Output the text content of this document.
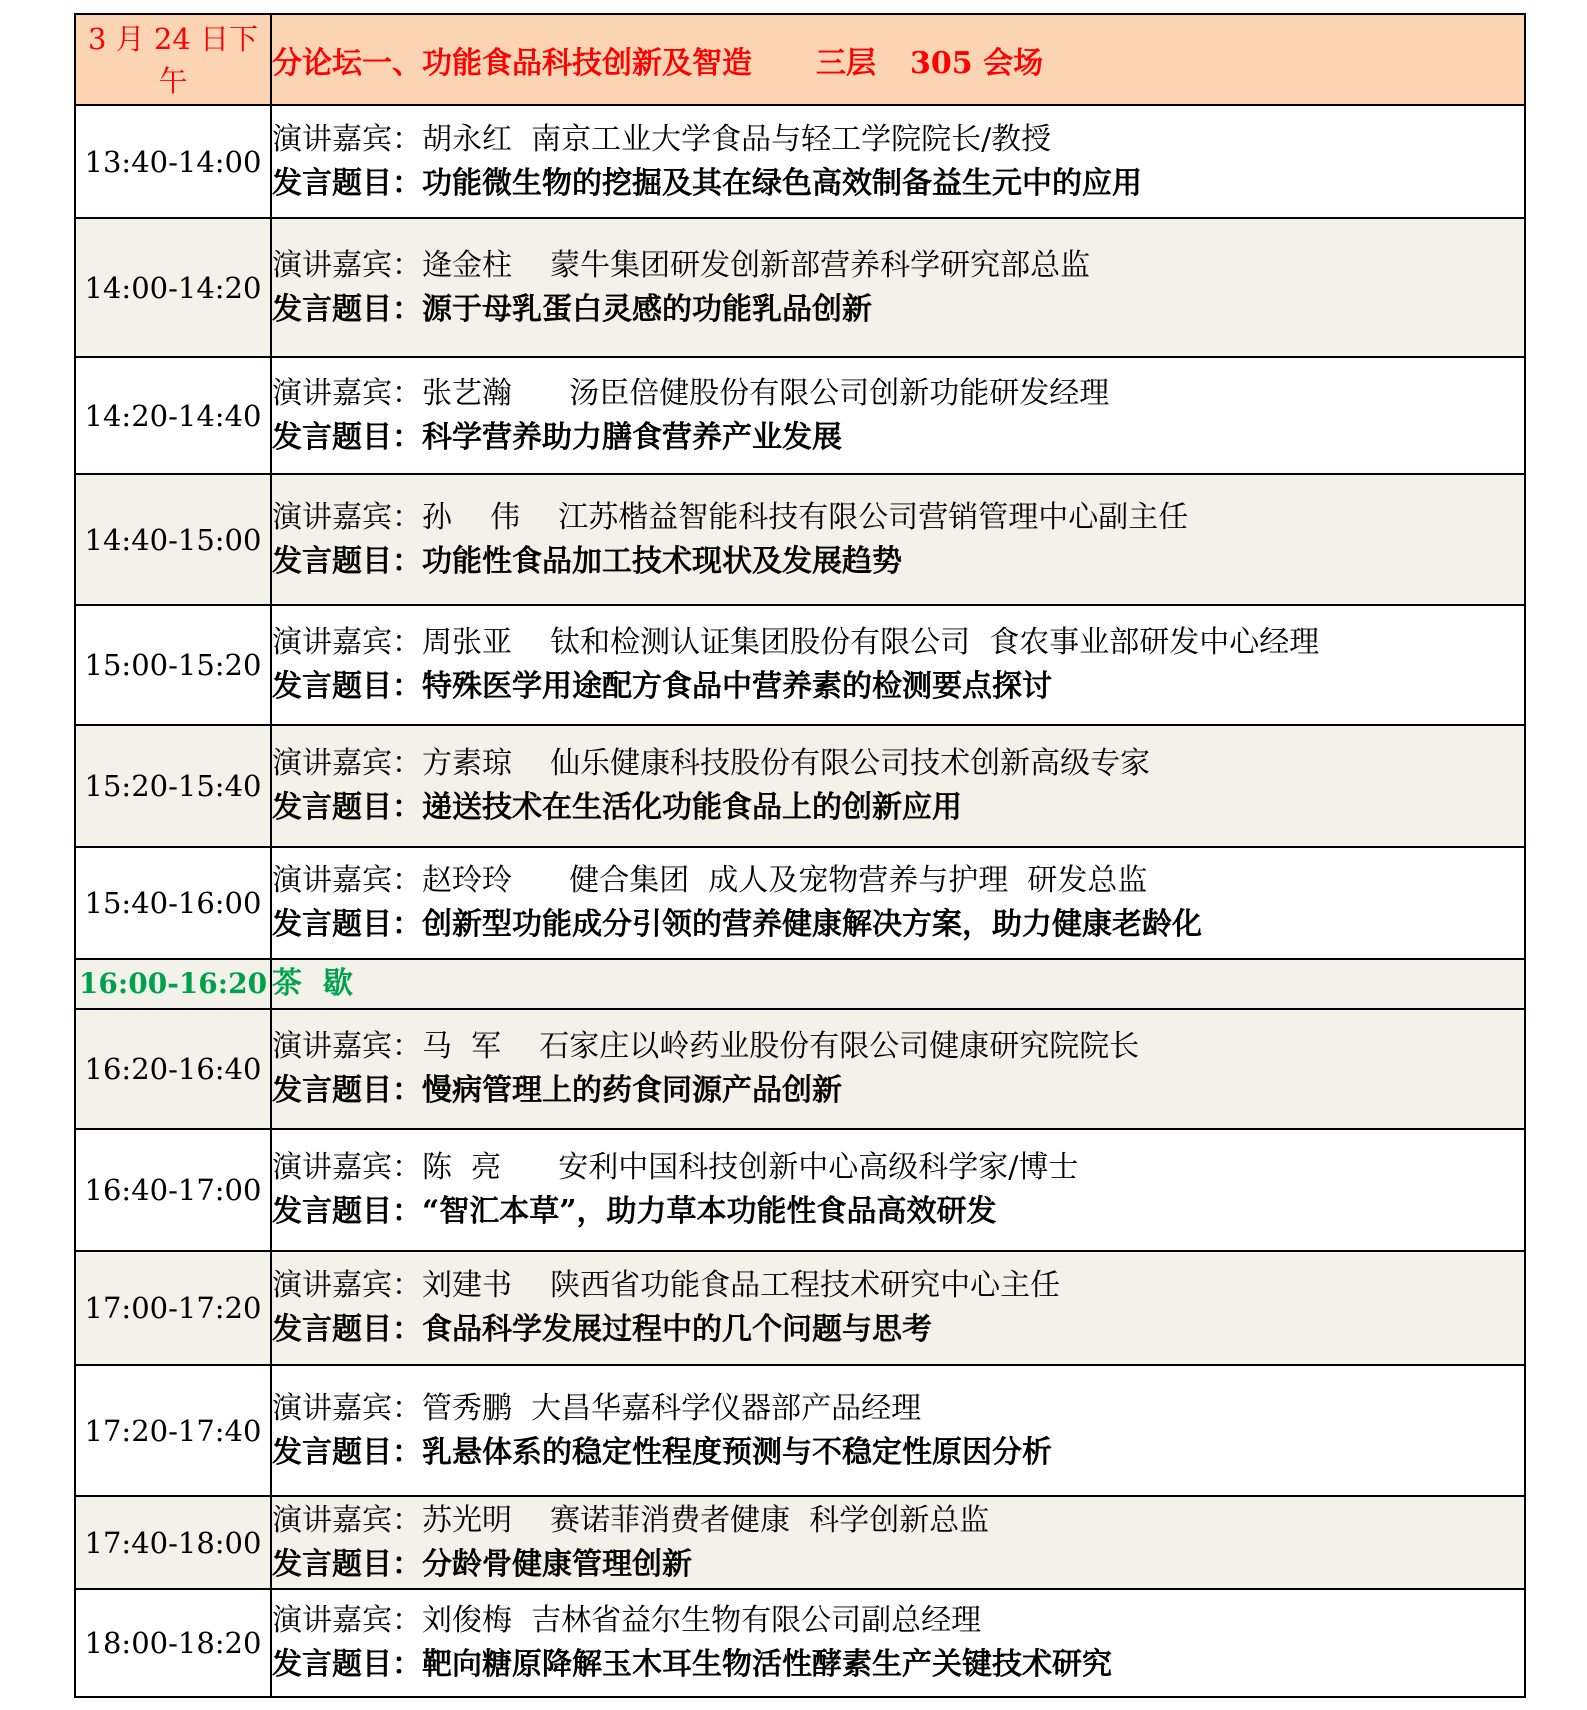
3 月 24 日下午	分论坛一、功能食品科技创新及智造 三层 305 会场
13:40-14:00	演讲嘉宾：胡永红  南京工业大学食品与轻工学院院长/教授
发言题目：功能微生物的挖掘及其在绿色高效制备益生元中的应用

14:00-14:20	演讲嘉宾：逄金柱    蒙牛集团研发创新部营养科学研究部总监
发言题目：源于母乳蛋白灵感的功能乳品创新

14:20-14:40	演讲嘉宾：张艺瀚      汤臣倍健股份有限公司创新功能研发经理
发言题目：科学营养助力膳食营养产业发展

14:40-15:00	演讲嘉宾：孙    伟    江苏楷益智能科技有限公司营销管理中心副主任
发言题目：功能性食品加工技术现状及发展趋势

15:00-15:20	演讲嘉宾：周张亚    钛和检测认证集团股份有限公司  食农事业部研发中心经理
发言题目：特殊医学用途配方食品中营养素的检测要点探讨

15:20-15:40	演讲嘉宾：方素琼    仙乐健康科技股份有限公司技术创新高级专家
发言题目：递送技术在生活化功能食品上的创新应用

15:40-16:00	演讲嘉宾：赵玲玲      健合集团  成人及宠物营养与护理  研发总监
发言题目：创新型功能成分引领的营养健康解决方案，助力健康老龄化

16:00-16:20	茶  歇

16:20-16:40	演讲嘉宾：马  军    石家庄以岭药业股份有限公司健康研究院院长
发言题目：慢病管理上的药食同源产品创新

16:40-17:00	演讲嘉宾：陈  亮      安利中国科技创新中心高级科学家/博士
发言题目：“智汇本草”，助力草本功能性食品高效研发

17:00-17:20	演讲嘉宾：刘建书    陕西省功能食品工程技术研究中心主任
发言题目：食品科学发展过程中的几个问题与思考

17:20-17:40	演讲嘉宾：管秀鹏  大昌华嘉科学仪器部产品经理
发言题目：乳悬体系的稳定性程度预测与不稳定性原因分析

17:40-18:00	演讲嘉宾：苏光明    赛诺菲消费者健康  科学创新总监
发言题目：分龄骨健康管理创新

18:00-18:20	演讲嘉宾：刘俊梅  吉林省益尔生物有限公司副总经理
发言题目：靶向糖原降解玉木耳生物活性酵素生产关键技术研究
